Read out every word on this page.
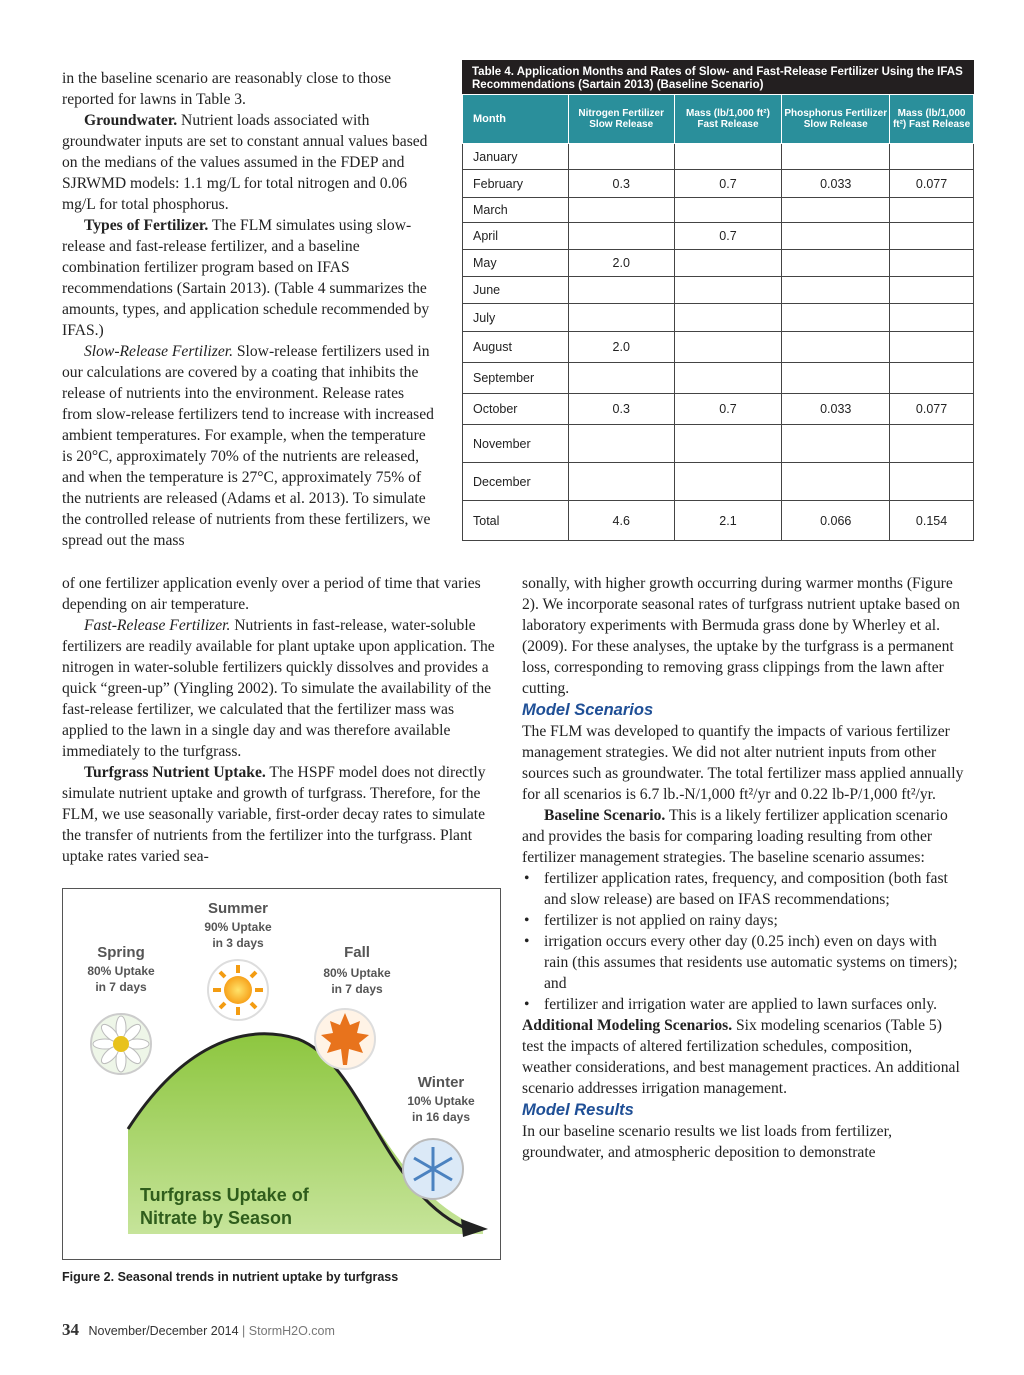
in the baseline scenario are reasonably close to those reported for lawns in Table 3.

Groundwater. Nutrient loads associated with groundwater inputs are set to constant annual values based on the medians of the values assumed in the FDEP and SJRWMD models: 1.1 mg/L for total nitrogen and 0.06 mg/L for total phosphorus.

Types of Fertilizer. The FLM simulates using slow-release and fast-release fertilizer, and a baseline combination fertilizer program based on IFAS recommendations (Sartain 2013). (Table 4 summarizes the amounts, types, and application schedule recommended by IFAS.)

Slow-Release Fertilizer. Slow-release fertilizers used in our calculations are covered by a coating that inhibits the release of nutrients into the environment. Release rates from slow-release fertilizers tend to increase with increased ambient temperatures. For example, when the temperature is 20°C, approximately 70% of the nutrients are released, and when the temperature is 27°C, approximately 75% of the nutrients are released (Adams et al. 2013). To simulate the controlled release of nutrients from these fertilizers, we spread out the mass

Table 4. Application Months and Rates of Slow- and Fast-Release Fertilizer Using the IFAS Recommendations (Sartain 2013) (Baseline Scenario)
Month	Nitrogen Fertilizer Slow Release	Mass (lb/1,000 ft²) Fast Release	Phosphorus Fertilizer Slow Release	Mass (lb/1,000 ft²) Fast Release
January				
February	0.3	0.7	0.033	0.077
March				
April		0.7		
May	2.0			
June				
July				
August	2.0			
September				
October	0.3	0.7	0.033	0.077
November				
December				
Total	4.6	2.1	0.066	0.154

of one fertilizer application evenly over a period of time that varies depending on air temperature.

Fast-Release Fertilizer. Nutrients in fast-release, water-soluble fertilizers are readily available for plant uptake upon application. The nitrogen in water-soluble fertilizers quickly dissolves and provides a quick “green-up” (Yingling 2002). To simulate the availability of the fast-release fertilizer, we calculated that the fertilizer mass was applied to the lawn in a single day and was therefore available immediately to the turfgrass.

Turfgrass Nutrient Uptake. The HSPF model does not directly simulate nutrient uptake and growth of turfgrass. Therefore, for the FLM, we use seasonally variable, first-order decay rates to simulate the transfer of nutrients from the fertilizer into the turfgrass. Plant uptake rates varied sea-

sonally, with higher growth occurring during warmer months (Figure 2). We incorporate seasonal rates of turfgrass nutrient uptake based on laboratory experiments with Bermuda grass done by Wherley et al. (2009). For these analyses, the uptake by the turfgrass is a permanent loss, corresponding to removing grass clippings from the lawn after cutting.

Model Scenarios

The FLM was developed to quantify the impacts of various fertilizer management strategies. We did not alter nutrient inputs from other sources such as groundwater. The total fertilizer mass applied annually for all scenarios is 6.7 lb.-N/1,000 ft²/yr and 0.22 lb-P/1,000 ft²/yr.

Baseline Scenario. This is a likely fertilizer application scenario and provides the basis for comparing loading resulting from other fertilizer management strategies. The baseline scenario assumes:

• fertilizer application rates, frequency, and composition (both fast and slow release) are based on IFAS recommendations;
• fertilizer is not applied on rainy days;
• irrigation occurs every other day (0.25 inch) even on days with rain (this assumes that residents use automatic systems on timers); and
• fertilizer and irrigation water are applied to lawn surfaces only.

Additional Modeling Scenarios. Six modeling scenarios (Table 5) test the impacts of altered fertilization schedules, composition, weather considerations, and best management practices. An additional scenario addresses irrigation management.

Model Results

In our baseline scenario results we list loads from fertilizer, groundwater, and atmospheric deposition to demonstrate

Summer
90% Uptake
in 3 days
Spring
80% Uptake
in 7 days
Fall
80% Uptake
in 7 days
Winter
10% Uptake
in 16 days
Turfgrass Uptake of
Nitrate by Season
Figure 2. Seasonal trends in nutrient uptake by turfgrass
34 November/December 2014 | StormH2O.com
